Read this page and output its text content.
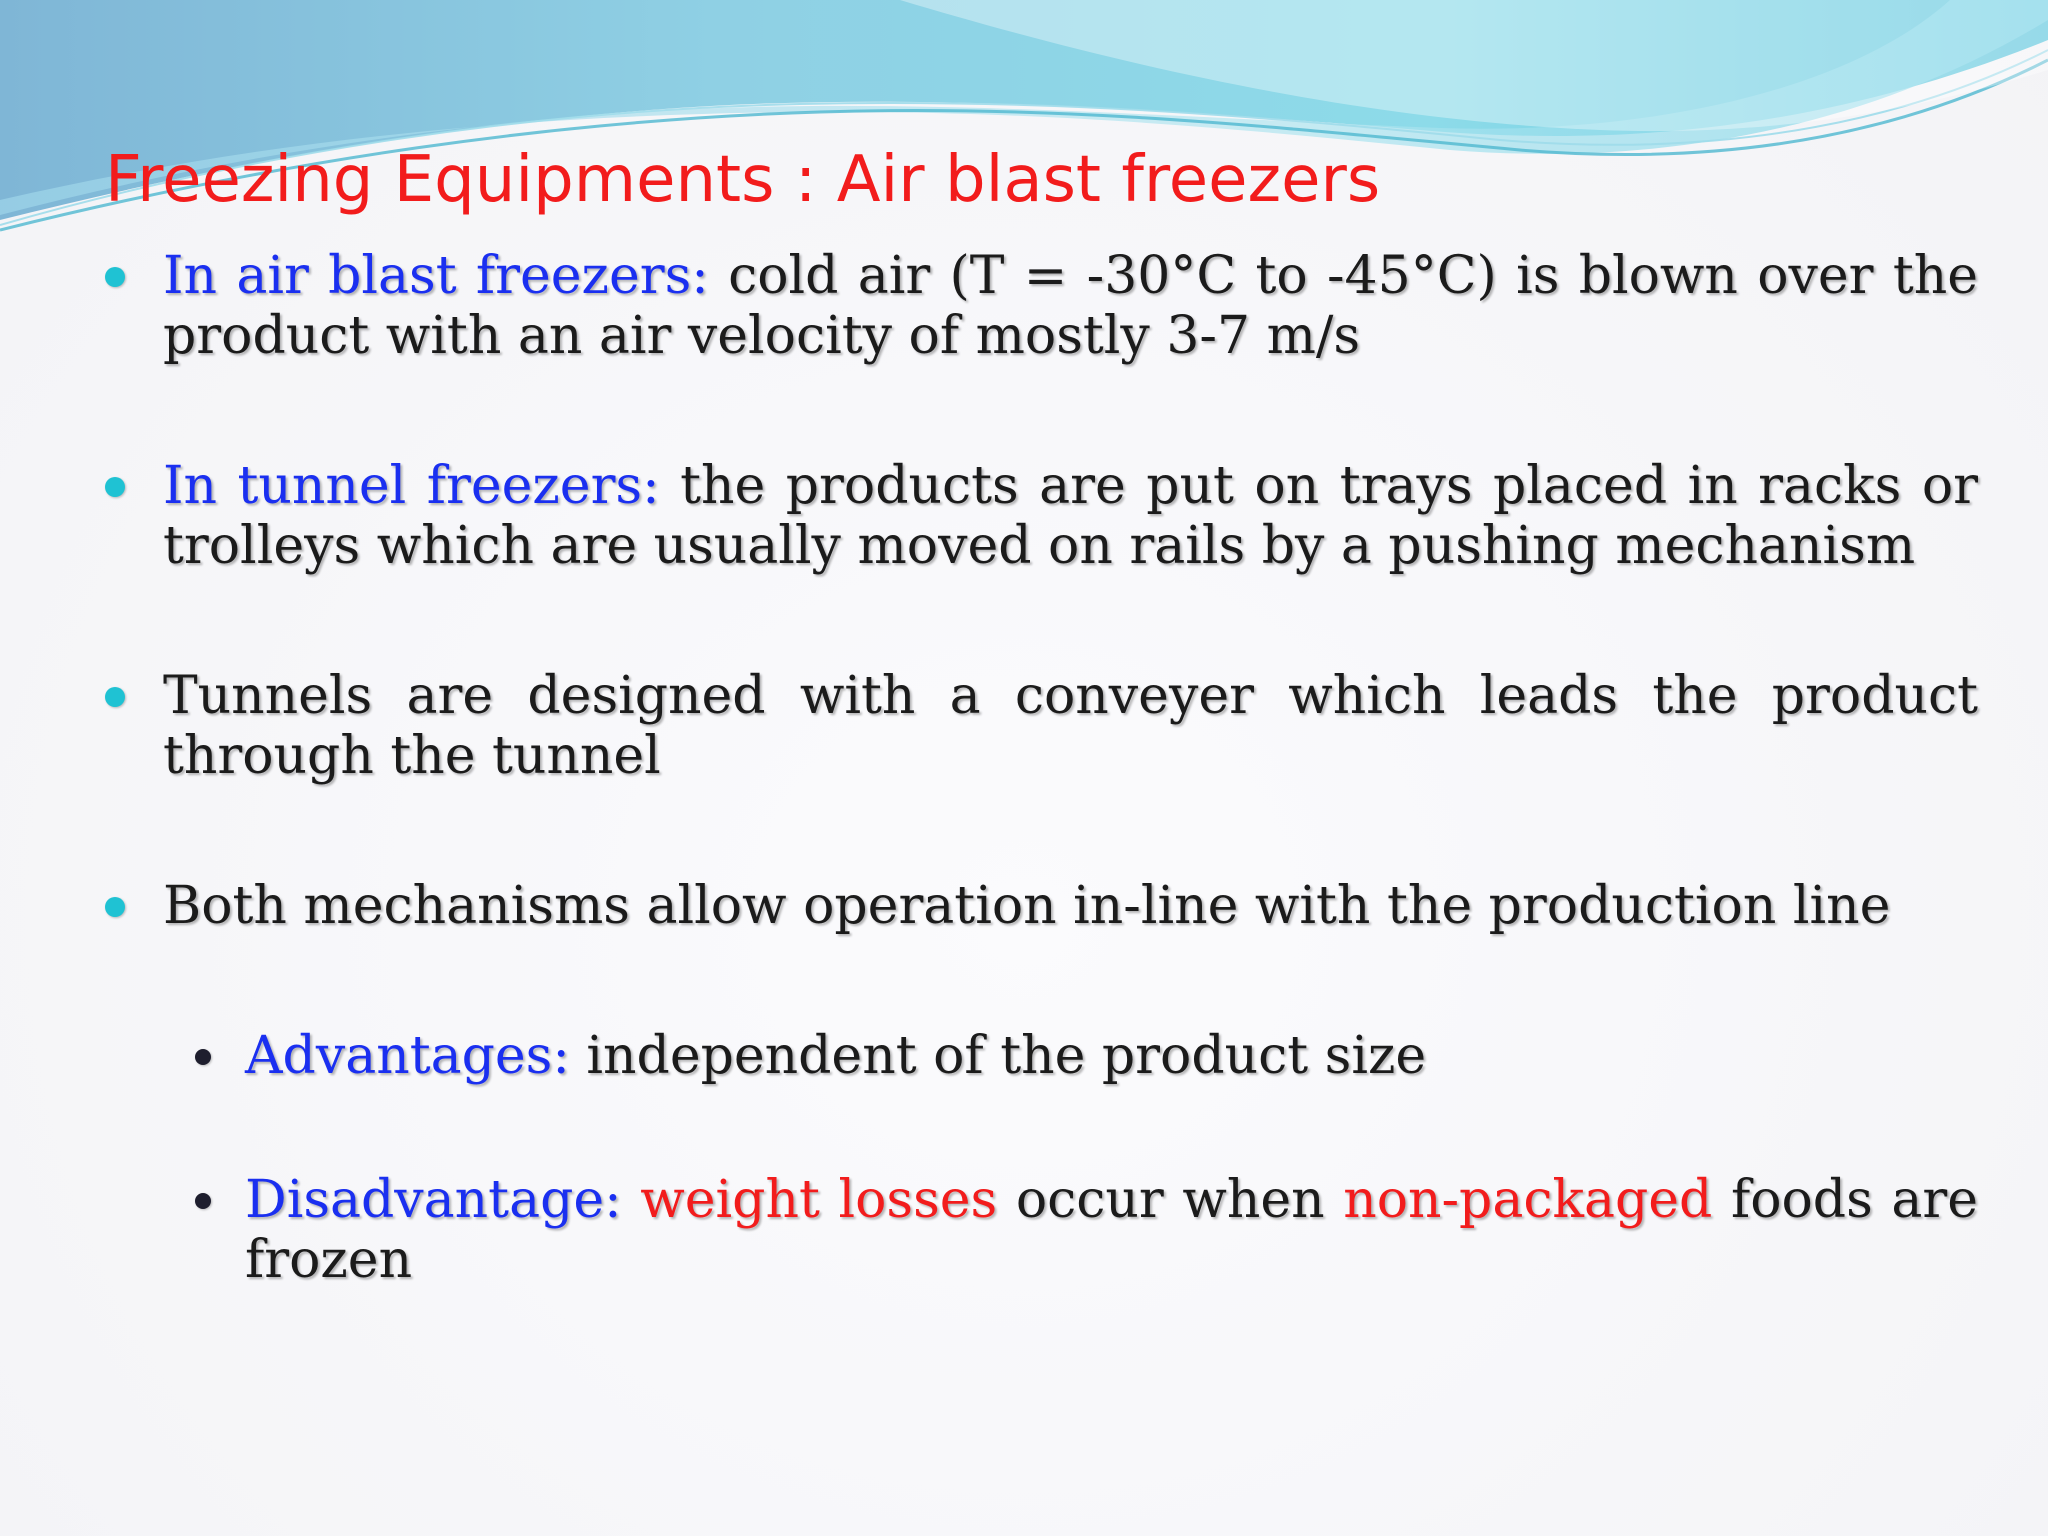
Freezing Equipments : Air blast freezers
In air blast freezers: cold air (T = -30°C to -45°C) is blown over the product with an air velocity of mostly 3-7 m/s
In tunnel freezers: the products are put on trays placed in racks or trolleys which are usually moved on rails by a pushing mechanism
Tunnels are designed with a conveyer which leads the product through the tunnel
Both mechanisms allow operation in-line with the production line
Advantages: independent of the product size
Disadvantage: weight losses occur when non-packaged foods are frozen
